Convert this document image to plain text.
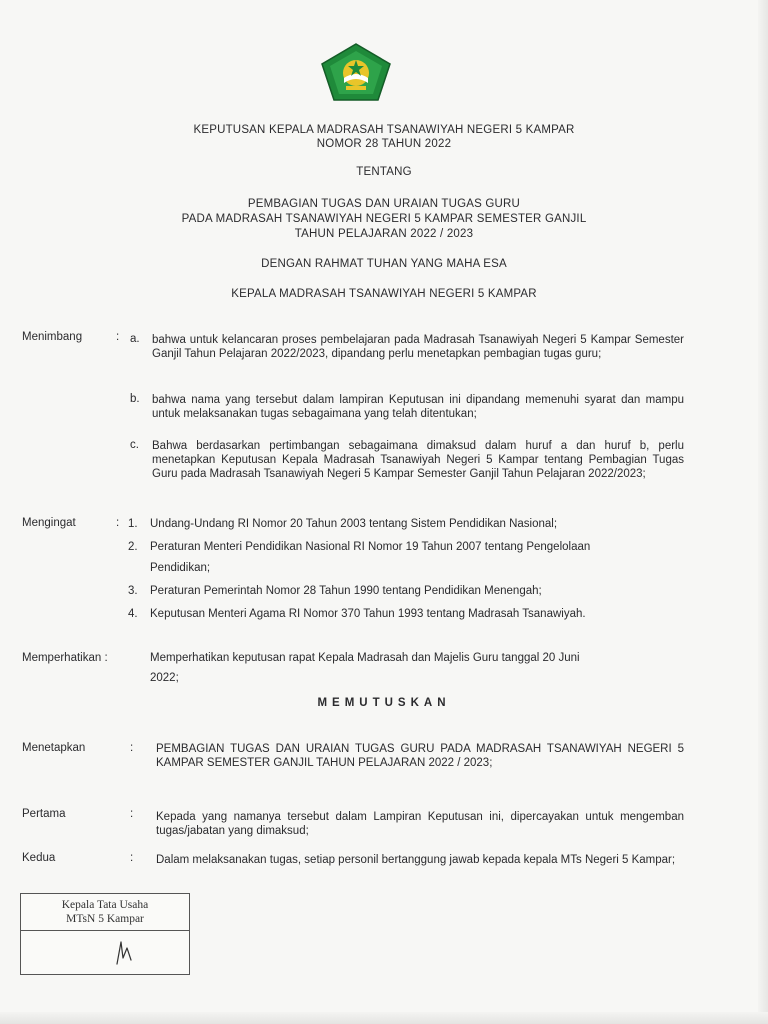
KEPUTUSAN KEPALA MADRASAH TSANAWIYAH NEGERI 5 KAMPAR
NOMOR 28 TAHUN 2022
TENTANG
PEMBAGIAN TUGAS DAN URAIAN TUGAS GURU
PADA MADRASAH TSANAWIYAH NEGERI 5 KAMPAR SEMESTER GANJIL
TAHUN PELAJARAN 2022 / 2023
DENGAN RAHMAT TUHAN YANG MAHA ESA
KEPALA MADRASAH TSANAWIYAH NEGERI 5 KAMPAR
Menimbang	: a. bahwa untuk kelancaran proses pembelajaran pada Madrasah Tsanawiyah Negeri 5 Kampar Semester Ganjil Tahun Pelajaran 2022/2023, dipandang perlu menetapkan pembagian tugas guru;
b. bahwa nama yang tersebut dalam lampiran Keputusan ini dipandang memenuhi syarat dan mampu untuk melaksanakan tugas sebagaimana yang telah ditentukan;
c. Bahwa berdasarkan pertimbangan sebagaimana dimaksud dalam huruf a dan huruf b, perlu menetapkan Keputusan Kepala Madrasah Tsanawiyah Negeri 5 Kampar tentang Pembagian Tugas Guru pada Madrasah Tsanawiyah Negeri 5 Kampar Semester Ganjil Tahun Pelajaran 2022/2023;
Mengingat	: 1. Undang-Undang RI Nomor 20 Tahun 2003 tentang Sistem Pendidikan Nasional;
2. Peraturan Menteri Pendidikan Nasional RI Nomor 19 Tahun 2007 tentang Pengelolaan
Pendidikan;
3. Peraturan Pemerintah Nomor 28 Tahun 1990 tentang Pendidikan Menengah;
4. Keputusan Menteri Agama RI Nomor 370 Tahun 1993 tentang Madrasah Tsanawiyah.
Memperhatikan :	Memperhatikan keputusan rapat Kepala Madrasah dan Majelis Guru tanggal 20 Juni
2022;
MEMUTUSKAN
Menetapkan	: PEMBAGIAN TUGAS DAN URAIAN TUGAS GURU PADA MADRASAH TSANAWIYAH NEGERI 5 KAMPAR SEMESTER GANJIL TAHUN PELAJARAN 2022 / 2023;
Pertama	: Kepada yang namanya tersebut dalam Lampiran Keputusan ini, dipercayakan untuk mengemban tugas/jabatan yang dimaksud;
Kedua	: Dalam melaksanakan tugas, setiap personil bertanggung jawab kepada kepala MTs Negeri 5 Kampar;
Kepala Tata Usaha
MTsN 5 Kampar
